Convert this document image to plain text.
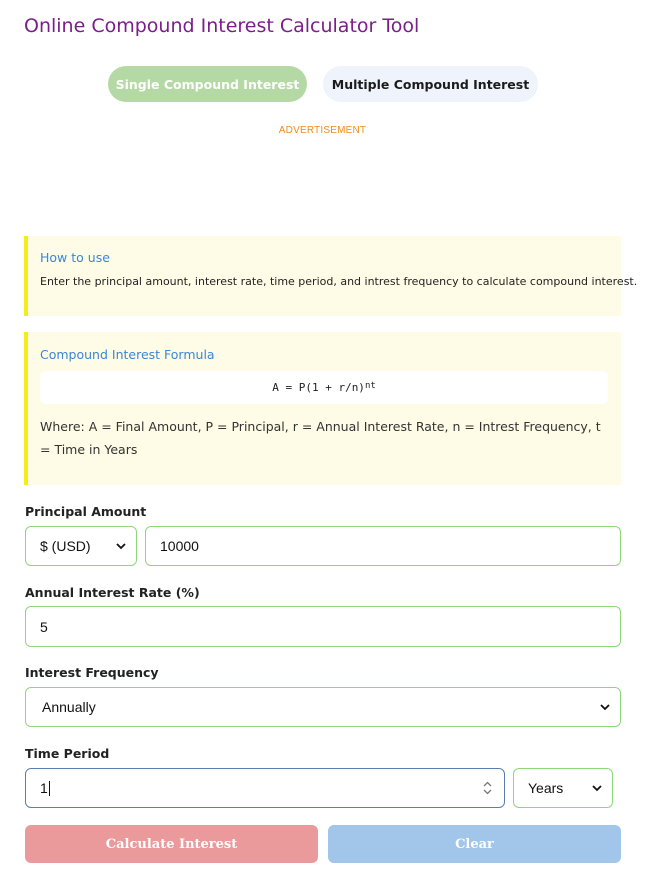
Online Compound Interest Calculator Tool
Single Compound Interest	Multiple Compound Interest
ADVERTISEMENT
How to use
Enter the principal amount, interest rate, time period, and intrest frequency to calculate compound interest.
Compound Interest Formula
$A = P(1 + r/n)^{nt}$
Where: A = Final Amount, P = Principal, r = Annual Interest Rate, n = Intrest Frequency, t = Time in Years
Principal Amount
$ (USD)	10000
Annual Interest Rate (%)
5
Interest Frequency
Annually
Time Period
1	Years
Calculate Interest	Clear
